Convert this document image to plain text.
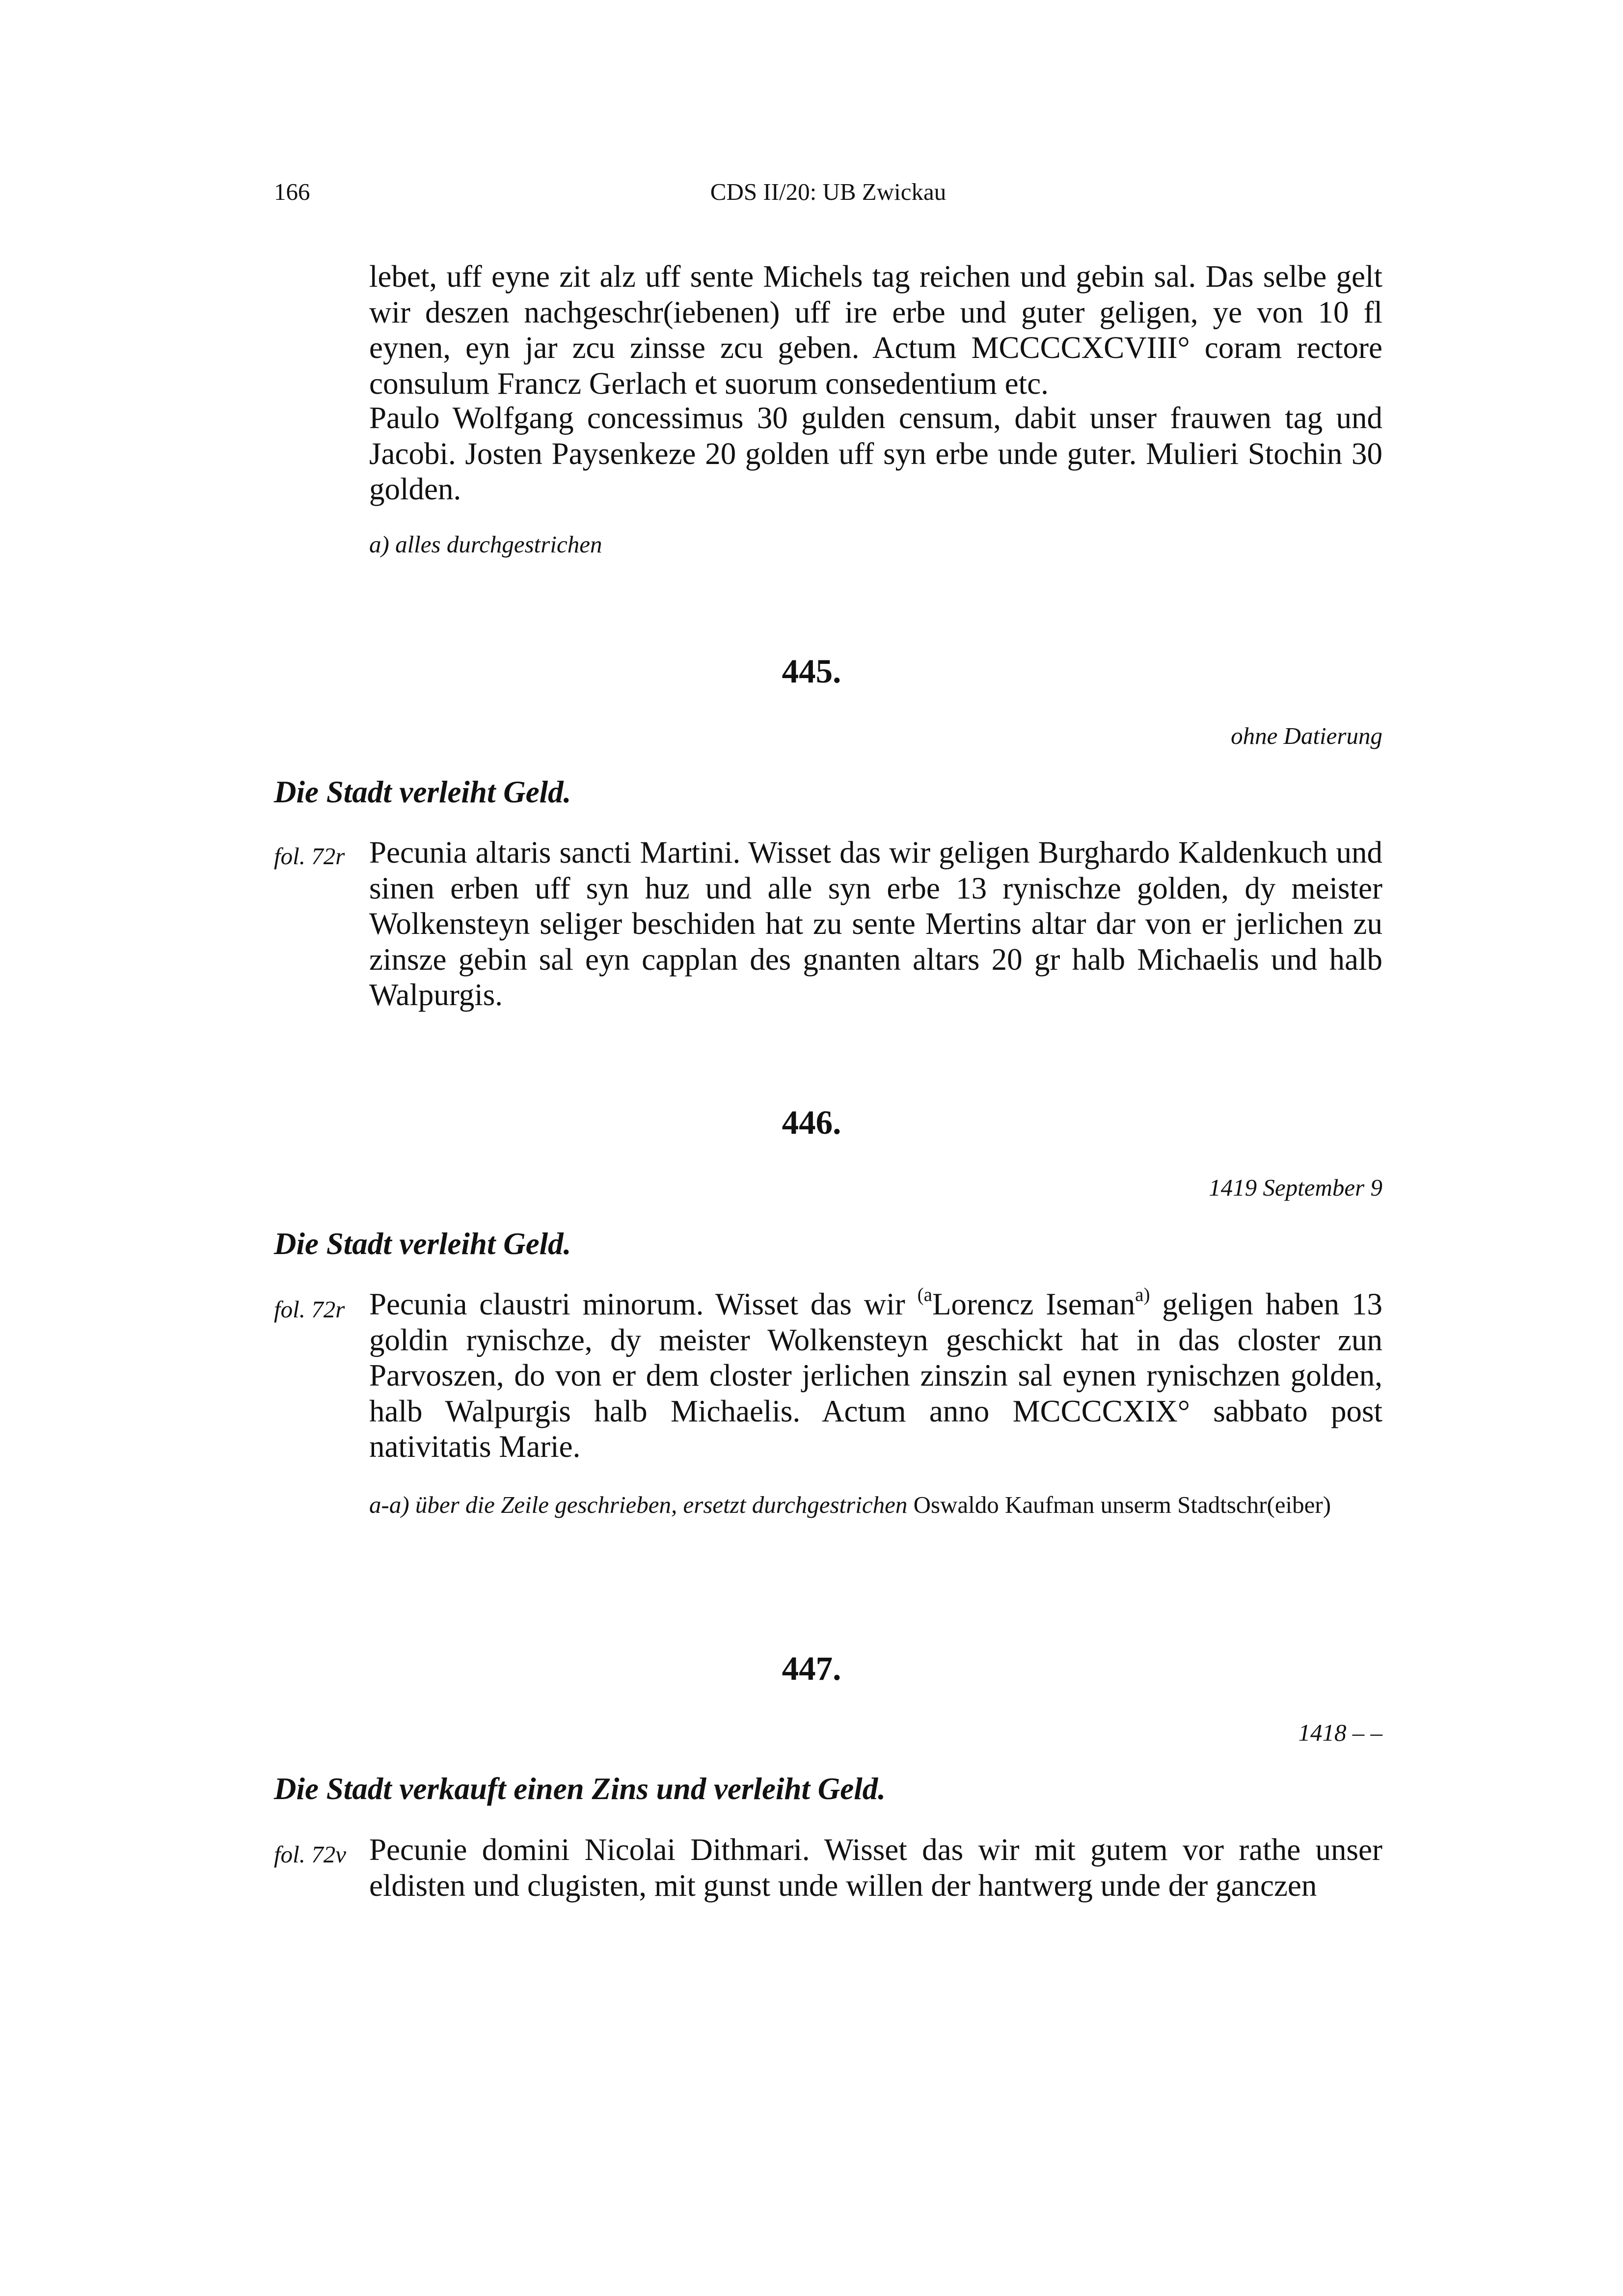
166	CDS II/20: UB Zwickau
lebet, uff eyne zit alz uff sente Michels tag reichen und gebin sal. Das selbe gelt wir deszen nachgeschr(iebenen) uff ire erbe und guter geligen, ye von 10 fl eynen, eyn jar zcu zinsse zcu geben. Actum MCCCCXCVIII° coram rectore consulum Francz Gerlach et suorum consedentium etc.
Paulo Wolfgang concessimus 30 gulden censum, dabit unser frauwen tag und Jacobi. Josten Paysenkeze 20 golden uff syn erbe unde guter. Mulieri Stochin 30 golden.
a) alles durchgestrichen
445.
ohne Datierung
Die Stadt verleiht Geld.
fol. 72r Pecunia altaris sancti Martini. Wisset das wir geligen Burghardo Kaldenkuch und sinen erben uff syn huz und alle syn erbe 13 rynischze golden, dy meister Wolkensteyn seliger beschiden hat zu sente Mertins altar dar von er jerlichen zu zinsze gebin sal eyn capplan des gnanten altars 20 gr halb Michaelis und halb Walpurgis.
446.
1419 September 9
Die Stadt verleiht Geld.
fol. 72r Pecunia claustri minorum. Wisset das wir $^{(a}$Lorencz Iseman$^{a)}$ geligen haben 13 goldin rynischze, dy meister Wolkensteyn geschickt hat in das closter zun Parvoszen, do von er dem closter jerlichen zinszin sal eynen rynischzen golden, halb Walpurgis halb Michaelis. Actum anno MCCCCXIX° sabbato post nativitatis Marie.
a-a) über die Zeile geschrieben, ersetzt durchgestrichen Oswaldo Kaufman unserm Stadtschr(eiber)
447.
1418 – –
Die Stadt verkauft einen Zins und verleiht Geld.
fol. 72v Pecunie domini Nicolai Dithmari. Wisset das wir mit gutem vor rathe unser eldisten und clugisten, mit gunst unde willen der hantwerg unde der ganczen
